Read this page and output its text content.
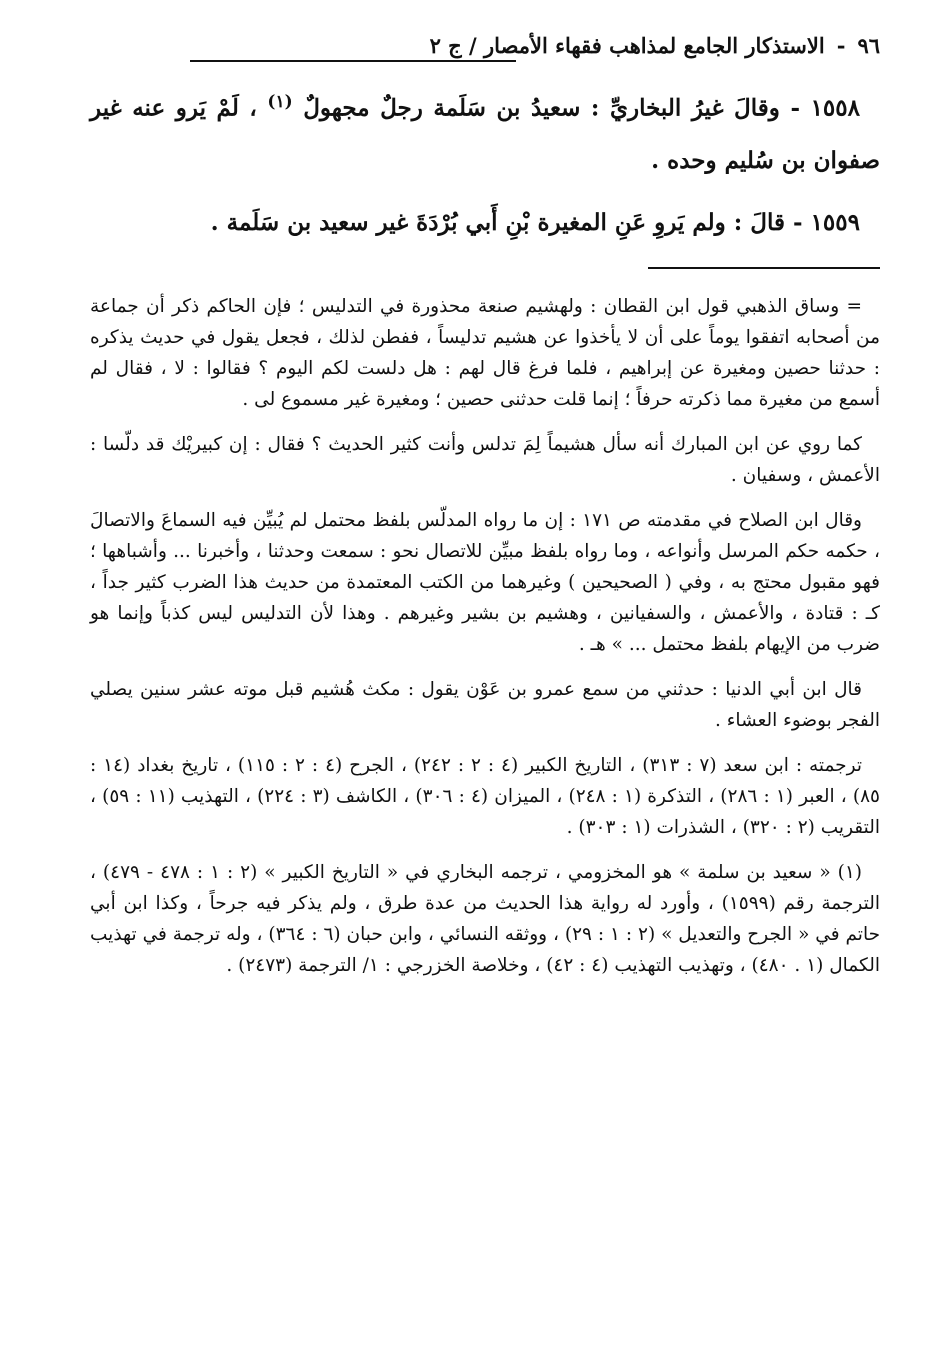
٩٦
-
الاستذكار الجامع لمذاهب فقهاء الأمصار / ج ٢

١٥٥٨ - وقالَ غيرُ البخاريِّ : سعيدُ بن سَلَمة رجلٌ مجهولٌ $^{(١)}$ ، لَمْ يَرو عنه غير صفوان بن سُليم وحده .

١٥٥٩ - قالَ : ولم يَروِ عَنِ المغيرة بْنِ أَبي بُرْدَةَ غير سعيد بن سَلَمة .

= وساق الذهبي قول ابن القطان : ولهشيم صنعة محذورة في التدليس ؛ فإن الحاكم ذكر أن جماعة من أصحابه اتفقوا يوماً على أن لا يأخذوا عن هشيم تدليساً ، ففطن لذلك ، فجعل يقول في حديث يذكره : حدثنا حصين ومغيرة عن إبراهيم ، فلما فرغ قال لهم : هل دلست لكم اليوم ؟ فقالوا : لا ، فقال لم أسمع من مغيرة مما ذكرته حرفاً ؛ إنما قلت حدثنى حصين ؛ ومغيرة غير مسموع لى .

كما روي عن ابن المبارك أنه سأل هشيماً لِمَ تدلس وأنت كثير الحديث ؟ فقال : إن كبيريْك قد دلّسا : الأعمش ، وسفيان .

وقال ابن الصلاح في مقدمته ص ١٧١ : إن ما رواه المدلّس بلفظ محتمل لم يُبيِّن فيه السماعَ والاتصالَ ، حكمه حكم المرسل وأنواعه ، وما رواه بلفظ مبيِّن للاتصال نحو : سمعت وحدثنا ، وأخبرنا ... وأشباهها ؛ فهو مقبول محتج به ، وفي ( الصحيحين ) وغيرهما من الكتب المعتمدة من حديث هذا الضرب كثير جداً ، كـ : قتادة ، والأعمش ، والسفيانين ، وهشيم بن بشير وغيرهم . وهذا لأن التدليس ليس كذباً وإنما هو ضرب من الإيهام بلفظ محتمل ... » هـ .

قال ابن أبي الدنيا : حدثني من سمع عمرو بن عَوْن يقول : مكث هُشيم قبل موته عشر سنين يصلي الفجر بوضوء العشاء .

ترجمته : ابن سعد (٧ : ٣١٣) ، التاريخ الكبير (٤ : ٢ : ٢٤٢) ، الجرح (٤ : ٢ : ١١٥) ، تاريخ بغداد (١٤ : ٨٥) ، العبر (١ : ٢٨٦) ، التذكرة (١ : ٢٤٨) ، الميزان (٤ : ٣٠٦) ، الكاشف (٣ : ٢٢٤) ، التهذيب (١١ : ٥٩) ، التقريب (٢ : ٣٢٠) ، الشذرات (١ : ٣٠٣) .

(١) « سعيد بن سلمة » هو المخزومي ، ترجمه البخاري في « التاريخ الكبير » (٢ : ١ : ٤٧٨ - ٤٧٩) ، الترجمة رقم (١٥٩٩) ، وأورد له رواية هذا الحديث من عدة طرق ، ولم يذكر فيه جرحاً ، وكذا ابن أبي حاتم في « الجرح والتعديل » (٢ : ١ : ٢٩) ، ووثقه النسائي ، وابن حبان (٦ : ٣٦٤) ، وله ترجمة في تهذيب الكمال (١ . ٤٨٠) ، وتهذيب التهذيب (٤ : ٤٢) ، وخلاصة الخزرجي : ١/ الترجمة (٢٤٧٣) .
